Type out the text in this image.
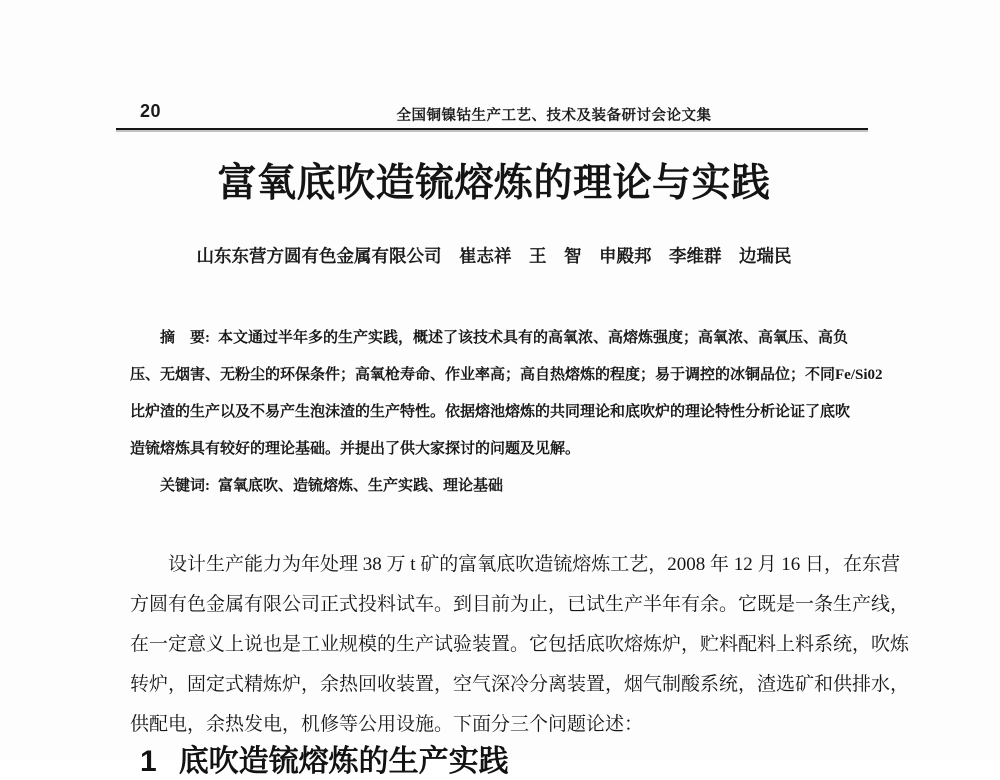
20	全国铜镍钴生产工艺、技术及装备研讨会论文集
富氧底吹造锍熔炼的理论与实践
山东东营方圆有色金属有限公司　崔志祥　王　智　申殿邦　李维群　边瑞民
摘　要: 本文通过半年多的生产实践，概述了该技术具有的高氧浓、高熔炼强度；高氧浓、高氧压、高负
压、无烟害、无粉尘的环保条件；高氧枪寿命、作业率高；高自热熔炼的程度；易于调控的冰铜品位；不同Fe/Si02
比炉渣的生产以及不易产生泡沫渣的生产特性。依据熔池熔炼的共同理论和底吹炉的理论特性分析论证了底吹
造锍熔炼具有较好的理论基础。并提出了供大家探讨的问题及见解。
关键词: 富氧底吹、造锍熔炼、生产实践、理论基础
设计生产能力为年处理 38 万 t 矿的富氧底吹造锍熔炼工艺，2008 年 12 月 16 日，在东营
方圆有色金属有限公司正式投料试车。到目前为止，已试生产半年有余。它既是一条生产线，
在一定意义上说也是工业规模的生产试验装置。它包括底吹熔炼炉，贮料配料上料系统，吹炼
转炉，固定式精炼炉，余热回收装置，空气深冷分离装置，烟气制酸系统，渣选矿和供排水，
供配电，余热发电，机修等公用设施。下面分三个问题论述：
1 底吹造锍熔炼的生产实践
